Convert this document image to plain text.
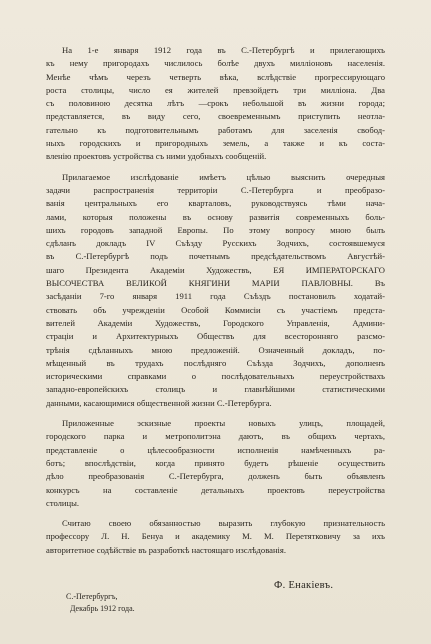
На 1-е января 1912 года въ С.-Петербургѣ и прилегающихъ
къ нему пригородахъ числилось болѣе двухъ милліоновъ населенія.
Менѣе чѣмъ черезъ четверть вѣка, вслѣдствіе прогрессирующаго
роста столицы, число ея жителей превзойдетъ три милліона. Два
съ половиною десятка лѣтъ —срокъ небольшой въ жизни города;
представляется, въ виду сего, своевременнымъ приступить неотла-
гательно къ подготовительнымъ работамъ для заселенія свобод-
ныхъ городскихъ и пригородныхъ земель, а также и къ соста-
вленію проектовъ устройства съ ними удобныхъ сообщеній.
Прилагаемое изслѣдованіе имѣетъ цѣлью выяснить очередныя
задачи распространенія территоріи С.-Петербурга и преобразо-
ванія центральныхъ его кварталовъ, руководствуясь тѣми нача-
лами, которыя положены въ основу развитія современныхъ боль-
шихъ городовъ западной Европы. По этому вопросу мною былъ
сдѣланъ докладъ IV Съѣзду Русскихъ Зодчихъ, состоявшемуся
въ С.-Петербургѣ подъ почетнымъ предсѣдательствомъ Августѣй-
шаго Президента Академіи Художествъ, ЕЯ ИМПЕРАТОРСКАГО
ВЫСОЧЕСТВА ВЕЛИКОЙ КНЯГИНИ МАРІИ ПАВЛОВНЫ. Въ
засѣданіи 7-го января 1911 года Съѣздъ постановилъ ходатай-
ствовать объ учрежденіи Особой Коммисіи съ участіемъ предста-
вителей Академіи Художествъ, Городского Управленія, Админи-
страціи и Архитектурныхъ Обществъ для всестороннягo разсмо-
трѣнія сдѣланныхъ мною предложеній. Означенный докладъ, по-
мѣщенный въ трудахъ послѣдняго Съѣзда Зодчихъ, дополненъ
историческими справками о послѣдовательныхъ переустройствахъ
западно-европейскихъ столицъ и главнѣйшими статистическими
данными, касающимися общественной жизни С.-Петербурга.
Приложенные эскизные проекты новыхъ улицъ, площадей,
городского парка и метрополитэна даютъ, въ общихъ чертахъ,
представленіе о цѣлесообразности исполненія намѣченныхъ ра-
ботъ; впослѣдствіи, когда принято будетъ рѣшеніе осуществить
дѣло преобразованія С.-Петербурга, долженъ быть объявленъ
конкурсъ на составленіе детальныхъ проектовъ переустройства
столицы.
Считаю своею обязанностью выразить глубокую признательность
профессору Л. Н. Бенуа и академику М. М. Перетятковичу за ихъ
авторитетное содѣйствіе въ разработкѣ настоящаго изслѣдованія.
Ф. Енакіевъ.
С.-Петербургъ,
Декабрь 1912 года.
